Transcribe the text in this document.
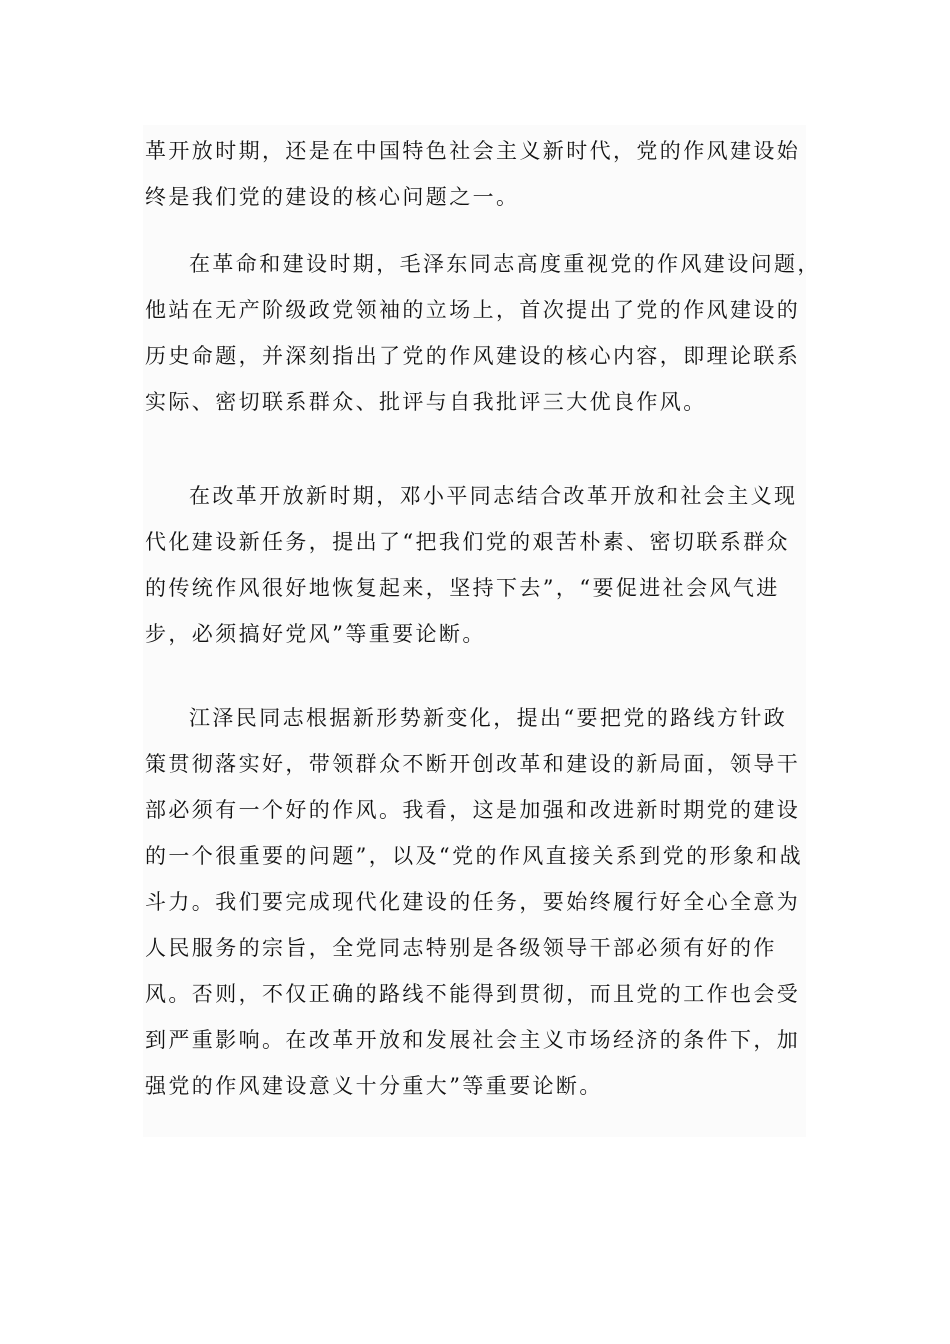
革开放时期，还是在中国特色社会主义新时代，党的作风建设始终是我们党的建设的核心问题之一。

在革命和建设时期，毛泽东同志高度重视党的作风建设问题，他站在无产阶级政党领袖的立场上，首次提出了党的作风建设的历史命题，并深刻指出了党的作风建设的核心内容，即理论联系实际、密切联系群众、批评与自我批评三大优良作风。

在改革开放新时期，邓小平同志结合改革开放和社会主义现代化建设新任务，提出了“把我们党的艰苦朴素、密切联系群众的传统作风很好地恢复起来，坚持下去”，“要促进社会风气进步，必须搞好党风”等重要论断。

江泽民同志根据新形势新变化，提出“要把党的路线方针政策贯彻落实好，带领群众不断开创改革和建设的新局面，领导干部必须有一个好的作风。我看，这是加强和改进新时期党的建设的一个很重要的问题”，以及“党的作风直接关系到党的形象和战斗力。我们要完成现代化建设的任务，要始终履行好全心全意为人民服务的宗旨，全党同志特别是各级领导干部必须有好的作风。否则，不仅正确的路线不能得到贯彻，而且党的工作也会受到严重影响。在改革开放和发展社会主义市场经济的条件下，加强党的作风建设意义十分重大”等重要论断。
